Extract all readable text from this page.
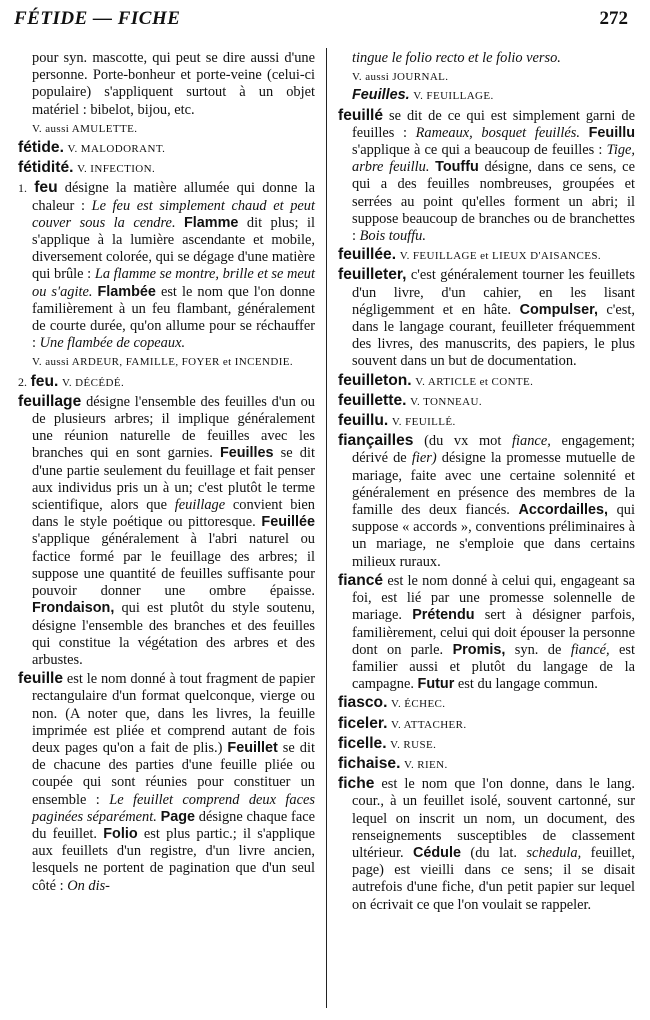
FÉTIDE — FICHE	272

pour syn. mascotte, qui peut se dire aussi d'une personne. Porte-bonheur et porte-veine (celui-ci populaire) s'appliquent surtout à un objet matériel : bibelot, bijou, etc.

V. aussi AMULETTE.

fétide. V. MALODORANT.

fétidité. V. INFECTION.

1. feu désigne la matière allumée qui donne la chaleur : Le feu est simplement chaud et peut couver sous la cendre. Flamme dit plus; il s'applique à la lumière ascendante et mobile, diversement colorée, qui se dégage d'une matière qui brûle : La flamme se montre, brille et se meut ou s'agite. Flambée est le nom que l'on donne familièrement à un feu flambant, généralement de courte durée, qu'on allume pour se réchauffer : Une flambée de copeaux.

V. aussi ARDEUR, FAMILLE, FOYER et INCENDIE.

2. feu. V. DÉCÉDÉ.

feuillage désigne l'ensemble des feuilles d'un ou de plusieurs arbres; il implique généralement une réunion naturelle de feuilles avec les branches qui en sont garnies. Feuilles se dit d'une partie seulement du feuillage et fait penser aux individus pris un à un; c'est plutôt le terme scientifique, alors que feuillage convient bien dans le style poétique ou pittoresque. Feuillée s'applique généralement à l'abri naturel ou factice formé par le feuillage des arbres; il suppose une quantité de feuilles suffisante pour pouvoir donner une ombre épaisse. Frondaison, qui est plutôt du style soutenu, désigne l'ensemble des branches et des feuilles qui constitue la végétation des arbres et des arbustes.

feuille est le nom donné à tout fragment de papier rectangulaire d'un format quelconque, vierge ou non. (A noter que, dans les livres, la feuille imprimée est pliée et comprend autant de fois deux pages qu'on a fait de plis.) Feuillet se dit de chacune des parties d'une feuille pliée ou coupée qui sont réunies pour constituer un ensemble : Le feuillet comprend deux faces paginées séparément. Page désigne chaque face du feuillet. Folio est plus partic.; il s'applique aux feuillets d'un registre, d'un livre ancien, lesquels ne portent de pagination que d'un seul côté : On dis-

tingue le folio recto et le folio verso.

V. aussi JOURNAL.

Feuilles. V. FEUILLAGE.

feuillé se dit de ce qui est simplement garni de feuilles : Rameaux, bosquet feuillés. Feuillu s'applique à ce qui a beaucoup de feuilles : Tige, arbre feuillu. Touffu désigne, dans ce sens, ce qui a des feuilles nombreuses, groupées et serrées au point qu'elles forment un abri; il suppose beaucoup de branches ou de branchettes : Bois touffu.

feuillée. V. FEUILLAGE et LIEUX D'AISANCES.

feuilleter, c'est généralement tourner les feuillets d'un livre, d'un cahier, en les lisant négligemment et en hâte. Compulser, c'est, dans le langage courant, feuilleter fréquemment des livres, des manuscrits, des papiers, le plus souvent dans un but de documentation.

feuilleton. V. ARTICLE et CONTE.

feuillette. V. TONNEAU.

feuillu. V. FEUILLÉ.

fiançailles (du vx mot fiance, engagement; dérivé de fier) désigne la promesse mutuelle de mariage, faite avec une certaine solennité et généralement en présence des membres de la famille des deux fiancés. Accordailles, qui suppose « accords », conventions préliminaires à un mariage, ne s'emploie que dans certains milieux ruraux.

fiancé est le nom donné à celui qui, engageant sa foi, est lié par une promesse solennelle de mariage. Prétendu sert à désigner parfois, familièrement, celui qui doit épouser la personne dont on parle. Promis, syn. de fiancé, est familier aussi et plutôt du langage de la campagne. Futur est du langage commun.

fiasco. V. ÉCHEC.

ficeler. V. ATTACHER.

ficelle. V. RUSE.

fichaise. V. RIEN.

fiche est le nom que l'on donne, dans le lang. cour., à un feuillet isolé, souvent cartonné, sur lequel on inscrit un nom, un document, des renseignements susceptibles de classement ultérieur. Cédule (du lat. schedula, feuillet, page) est vieilli dans ce sens; il se disait autrefois d'une fiche, d'un petit papier sur lequel on écrivait ce que l'on voulait se rappeler.
